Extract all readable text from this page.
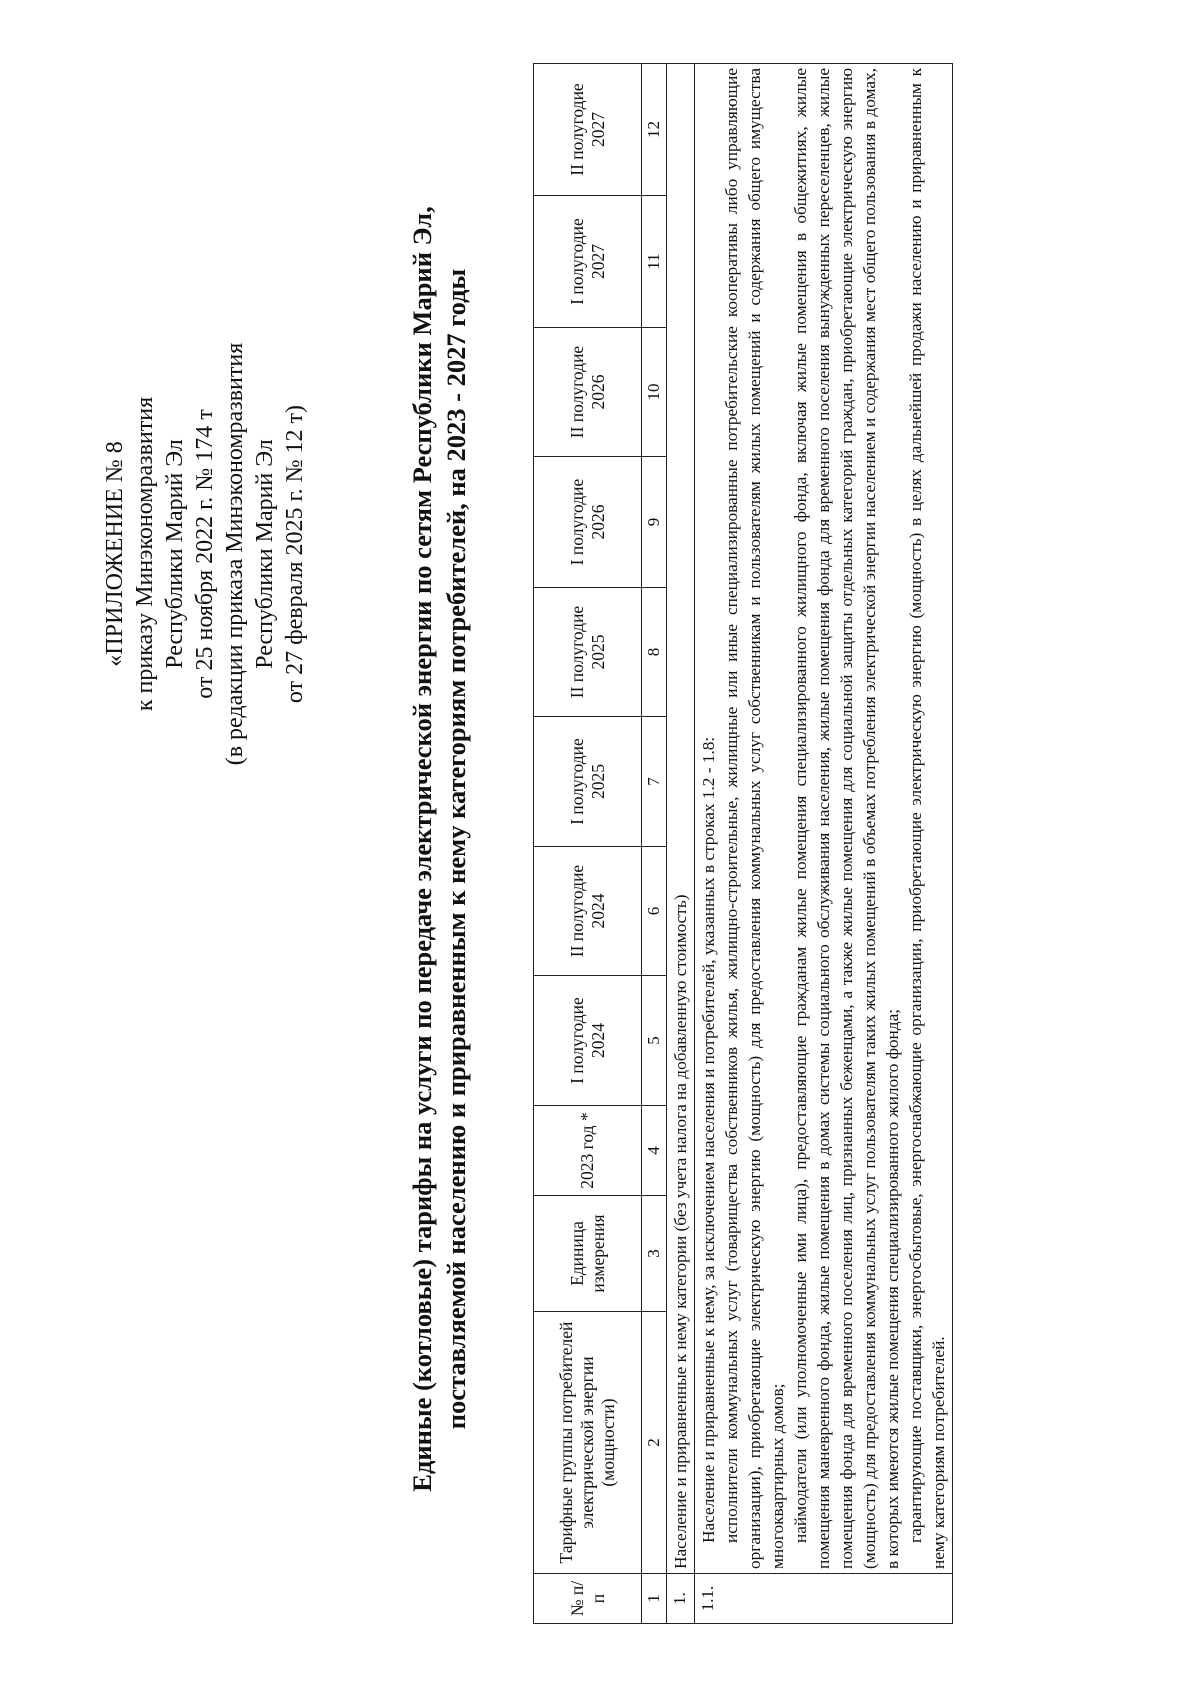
«ПРИЛОЖЕНИЕ № 8 к приказу Минэкономразвития Республики Марий Эл от 25 ноября 2022 г. № 174 т (в редакции приказа Минэкономразвития Республики Марий Эл от 27 февраля 2025 г. № 12 т)	Единые (котловые) тарифы на услуги по передаче электрической энергии по сетям Республики Марий Эл, поставляемой населению и приравненным к нему категориям потребителей, на 2023 - 2027 годы
№ п/п	Тарифные группы потребителей электрической энергии (мощности)	Единица измерения	2023 год *	I полугодие 2024	II полугодие 2024	I полугодие 2025	II полугодие 2025	I полугодие 2026	II полугодие 2026	I полугодие 2027	II полугодие 2027
1	2	3	4	5	6	7	8	9	10	11	12
1.	Население и приравненные к нему категории (без учета налога на добавленную стоимость)										
1.1.	Население и приравненные к нему, за исключением населения и потребителей, указанных в строках 1.2 - 1.8: исполнители коммунальных услуг (товарищества собственников жилья, жилищно-строительные, жилищные или иные специализированные потребительские кооперативы либо управляющие организации), приобретающие электрическую энергию (мощность) для предоставления коммунальных услуг собственникам и пользователям жилых помещений и содержания общего имущества многоквартирных домов; наймодатели (или уполномоченные ими лица), предоставляющие гражданам жилые помещения специализированного жилищного фонда, включая жилые помещения в общежитиях, жилые помещения маневренного фонда, жилые помещения в домах системы социального обслуживания населения, жилые помещения фонда для временного поселения вынужденных переселенцев, жилые помещения фонда для временного поселения лиц, признанных беженцами, а также жилые помещения для социальной защиты отдельных категорий граждан, приобретающие электрическую энергию (мощность) для предоставления коммунальных услуг пользователям таких жилых помещений в объемах потребления электрической энергии населением и содержания мест общего пользования в домах, в которых имеются жилые помещения специализированного жилого фонда; гарантирующие поставщики, энергосбытовые, энергоснабжающие организации, приобретающие электрическую энергию (мощность) в целях дальнейшей продажи населению и приравненным к нему категориям потребителей.										
